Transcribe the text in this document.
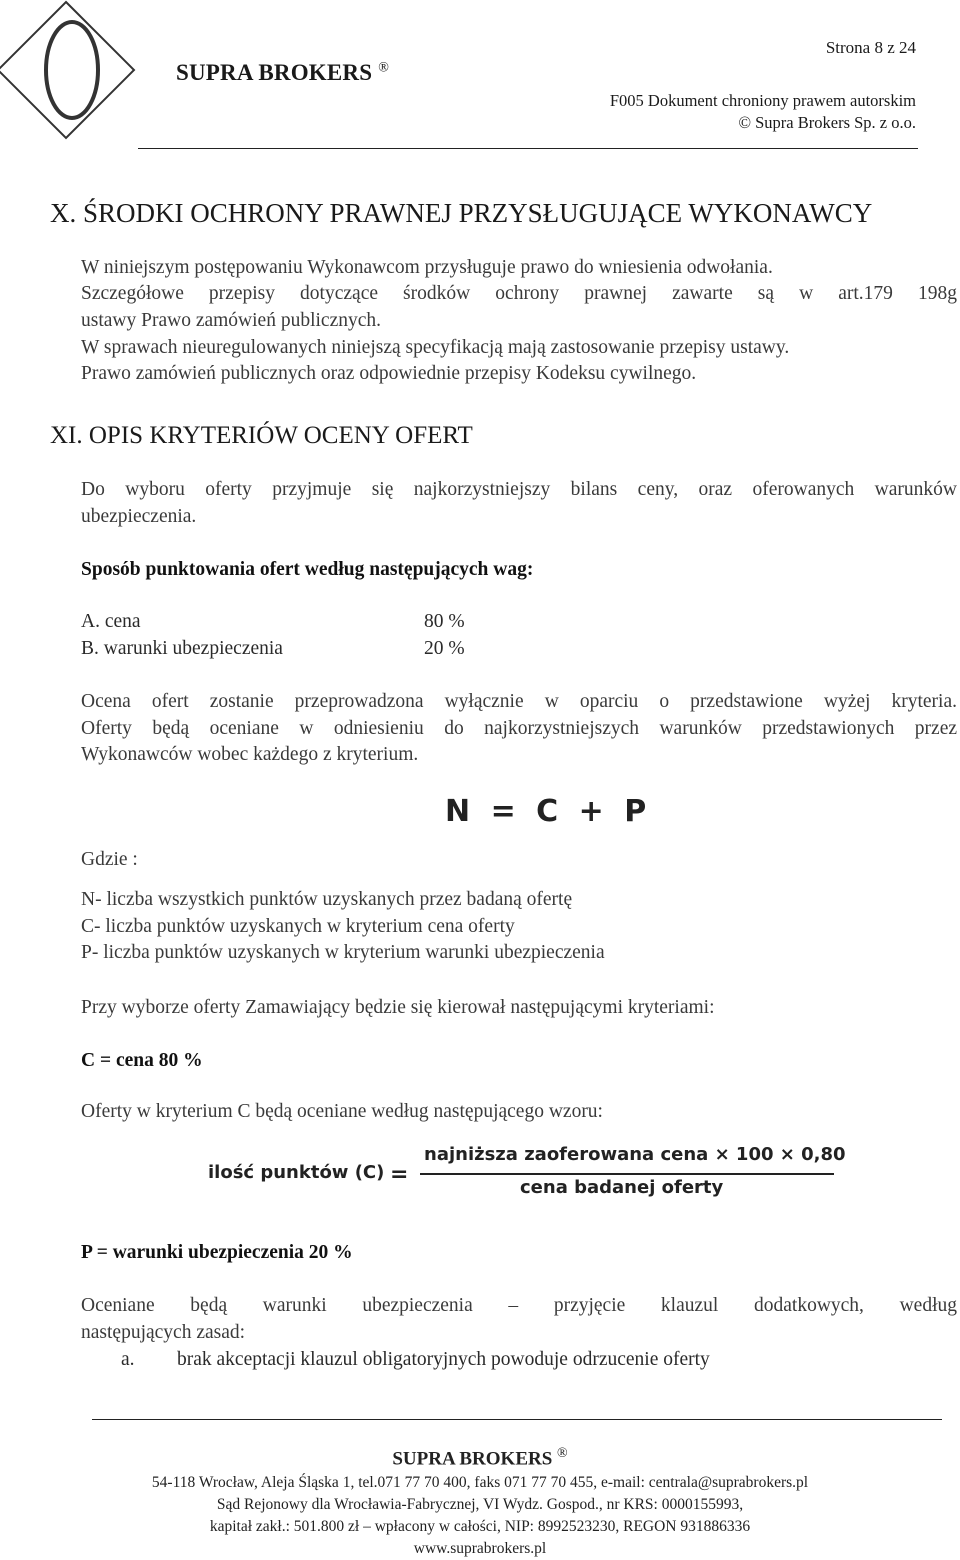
Strona 8 z 24
SUPRA BROKERS ®
F005 Dokument chroniony prawem autorskim
© Supra Brokers Sp. z o.o.
X. ŚRODKI OCHRONY PRAWNEJ PRZYSŁUGUJĄCE WYKONAWCY
W niniejszym postępowaniu Wykonawcom przysługuje prawo do wniesienia odwołania.
Szczegółowe przepisy dotyczące środków ochrony prawnej zawarte są w art.179 198g
ustawy Prawo zamówień publicznych.
W sprawach nieuregulowanych niniejszą specyfikacją mają zastosowanie przepisy ustawy.
Prawo zamówień publicznych oraz odpowiednie przepisy Kodeksu cywilnego.
XI. OPIS KRYTERIÓW OCENY OFERT
Do wyboru oferty przyjmuje się najkorzystniejszy bilans ceny, oraz oferowanych warunków
ubezpieczenia.
Sposób punktowania ofert według następujących wag:
A. cena	80 %
B. warunki ubezpieczenia	20 %
Ocena ofert zostanie przeprowadzona wyłącznie w oparciu o przedstawione wyżej kryteria.
Oferty będą oceniane w odniesieniu do najkorzystniejszych warunków przedstawionych przez
Wykonawców wobec każdego z kryterium.
N = C + P
Gdzie :
N- liczba wszystkich punktów uzyskanych przez badaną ofertę
C- liczba punktów uzyskanych w kryterium cena oferty
P- liczba punktów uzyskanych w kryterium warunki ubezpieczenia
Przy wyborze oferty Zamawiający będzie się kierował następującymi kryteriami:
C = cena 80 %
Oferty w kryterium C będą oceniane według następującego wzoru:
ilość punktów (C) =
najniższa zaoferowana cena × 100 × 0,80
cena badanej oferty
P = warunki ubezpieczenia 20 %
Oceniane będą warunki ubezpieczenia – przyjęcie klauzul dodatkowych, według
następujących zasad:
a.	brak akceptacji klauzul obligatoryjnych powoduje odrzucenie oferty
SUPRA BROKERS ®
54-118 Wrocław, Aleja Śląska 1, tel.071 77 70 400, faks 071 77 70 455, e-mail: centrala@suprabrokers.pl
Sąd Rejonowy dla Wrocławia-Fabrycznej, VI Wydz. Gospod., nr KRS: 0000155993,
kapitał zakł.: 501.800 zł – wpłacony w całości, NIP: 8992523230, REGON 931886336
www.suprabrokers.pl
